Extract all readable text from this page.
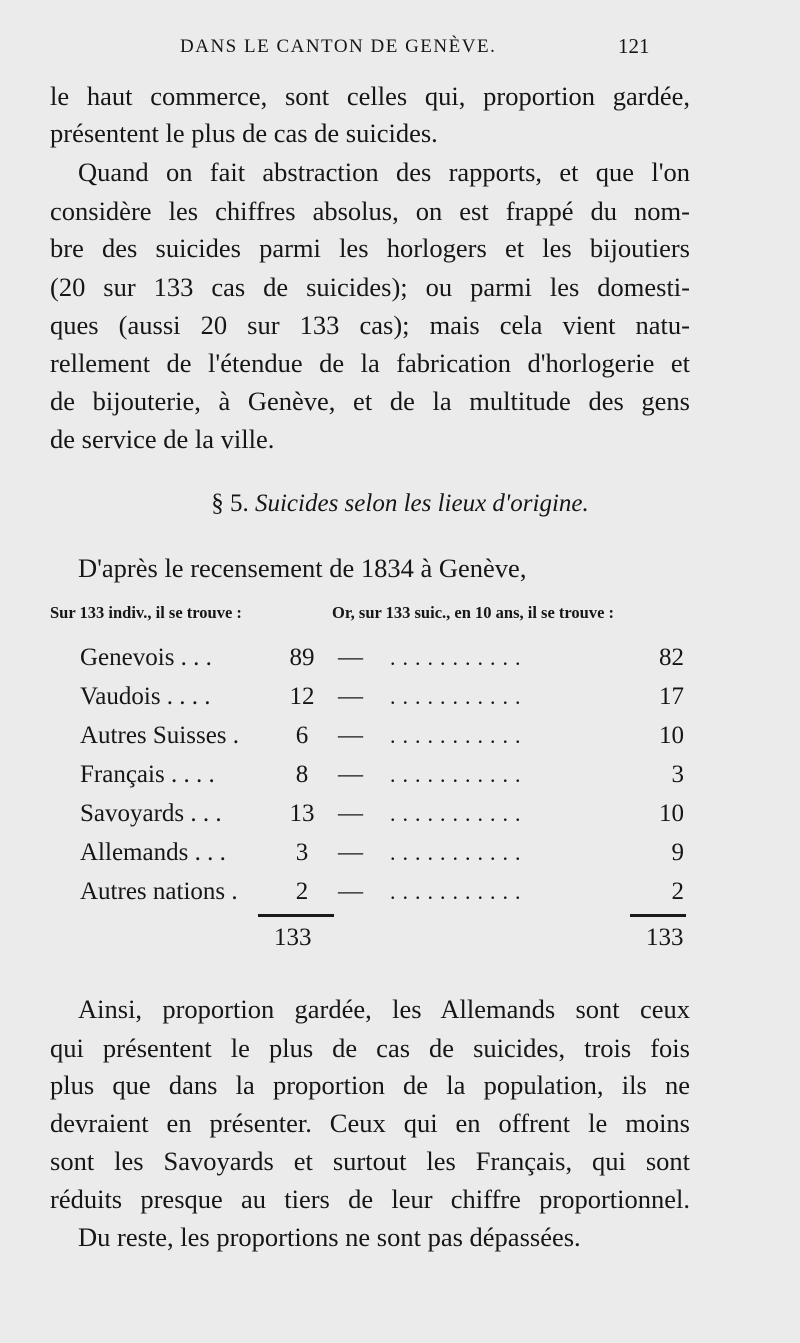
DANS LE CANTON DE GENÈVE.	121
le haut commerce, sont celles qui, proportion gardée,
présentent le plus de cas de suicides.
Quand on fait abstraction des rapports, et que l'on
considère les chiffres absolus, on est frappé du nom-
bre des suicides parmi les horlogers et les bijoutiers
(20 sur 133 cas de suicides); ou parmi les domesti-
ques (aussi 20 sur 133 cas); mais cela vient natu-
rellement de l'étendue de la fabrication d'horlogerie et
de bijouterie, à Genève, et de la multitude des gens
de service de la ville.
§ 5. Suicides selon les lieux d'origine.
D'après le recensement de 1834 à Genève,
Sur 133 indiv., il se trouve :	Or, sur 133 suic., en 10 ans, il se trouve :
Genevois . . .	89 — ...........	82
Vaudois . . . .	12 — ...........	17
Autres Suisses .	6	— ...........	10
Français . . . .	8	— ...........	3
Savoyards . . .	13 — ...........	10
Allemands . . .	3	— ...........	9
Autres nations .	2	— ...........	2
133	133
Ainsi, proportion gardée, les Allemands sont ceux
qui présentent le plus de cas de suicides, trois fois
plus que dans la proportion de la population, ils ne
devraient en présenter. Ceux qui en offrent le moins
sont les Savoyards et surtout les Français, qui sont
réduits presque au tiers de leur chiffre proportionnel.
Du reste, les proportions ne sont pas dépassées.
